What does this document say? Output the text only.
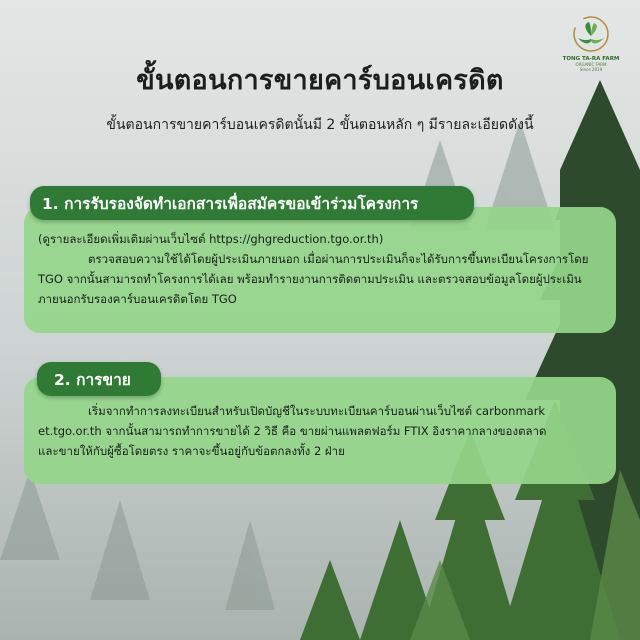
TONG TA-RA FARM
ORGANIC FARM
Since 2019
ขั้นตอนการขายคาร์บอนเครดิต
ขั้นตอนการขายคาร์บอนเครดิตนั้นมี 2 ขั้นตอนหลัก ๆ มีรายละเอียดดังนี้
(ดูรายละเอียดเพิ่มเติมผ่านเว็บไซต์ https://ghgreduction.tgo.or.th)
ตรวจสอบความใช้ได้โดยผู้ประเมินภายนอก เมื่อผ่านการประเมินก็จะได้รับการขึ้นทะเบียนโครงการโดย
TGO จากนั้นสามารถทำโครงการได้เลย พร้อมทำรายงานการติดตามประเมิน และตรวจสอบข้อมูลโดยผู้ประเมิน
ภายนอกรับรองคาร์บอนเครดิตโดย TGO
1. การรับรองจัดทำเอกสารเพื่อสมัครขอเข้าร่วมโครงการ
เริ่มจากทำการลงทะเบียนสำหรับเปิดบัญชีในระบบทะเบียนคาร์บอนผ่านเว็บไซต์ carbonmark
et.tgo.or.th จากนั้นสามารถทำการขายได้ 2 วิธี คือ ขายผ่านแพลตฟอร์ม FTIX อิงราคากลางของตลาด
และขายให้กับผู้ซื้อโดยตรง ราคาจะขึ้นอยู่กับข้อตกลงทั้ง 2 ฝ่าย
2. การขาย
